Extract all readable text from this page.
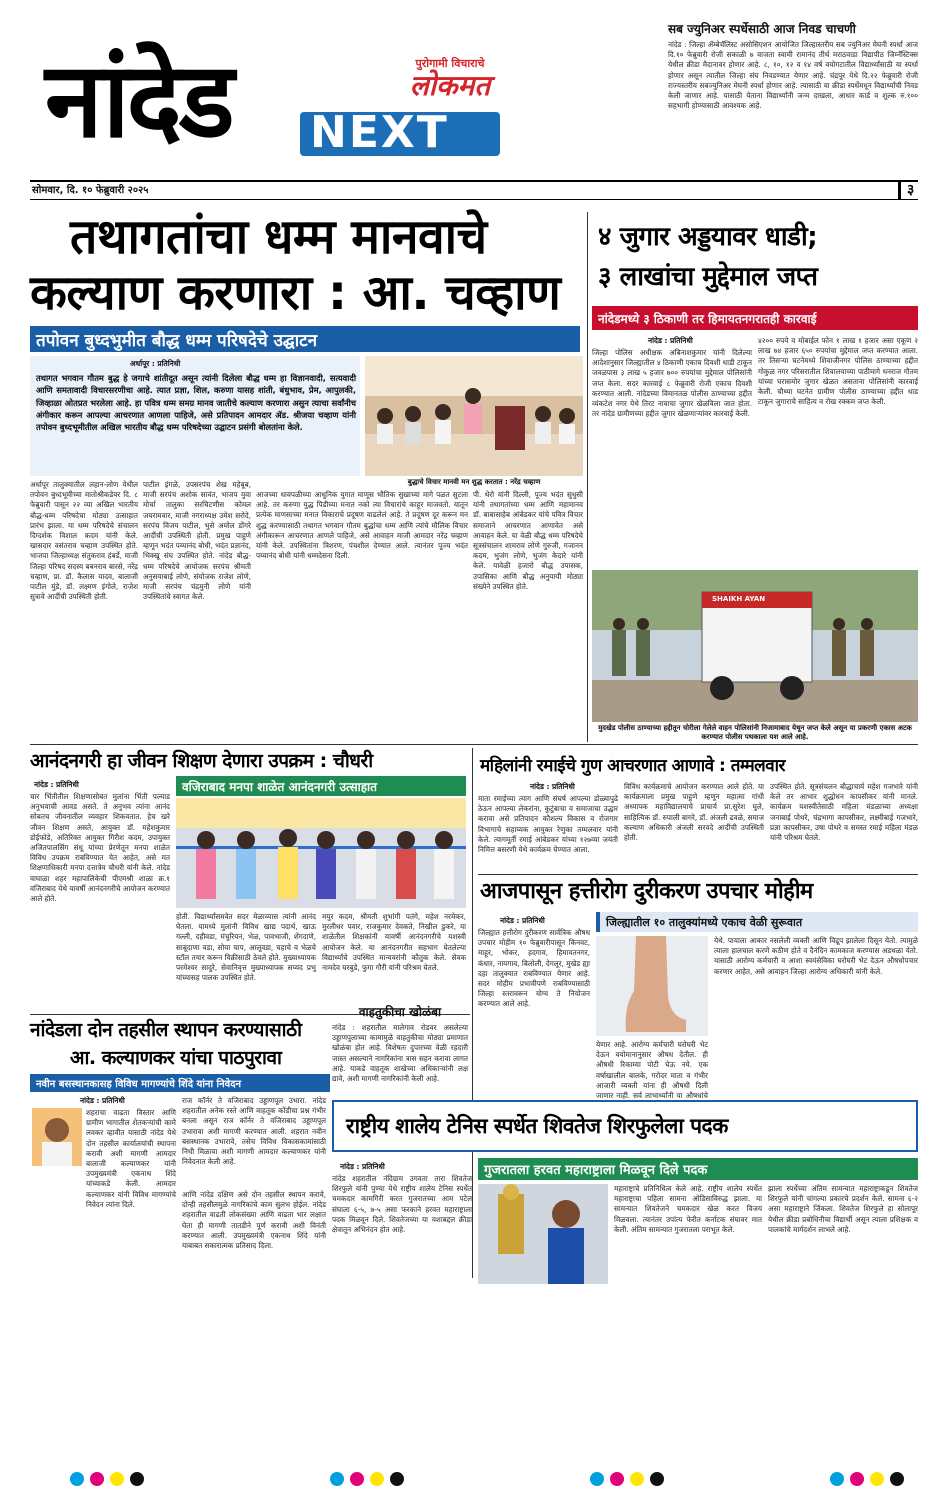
नांदेड	पुरोगामी विचाराचे
लोकमत
NEXT
सब ज्युनिअर स्पर्धेसाठी आज निवड चाचणी
नांदेड : जिल्हा ॲम्बेचॅलिस्ट असोसिएशन आयोजित जिल्हास्तरीय सब ज्युनिअर मेघनी स्पर्धा आज दि.१० फेब्रुवारी रोजी सकाळी ७ वाजता स्वामी रामानंद तीर्थ मराठवाडा विद्यापीठ जिम्नॅस्टिक्स येथील क्रीडा मैदानावर होणार आहे. ८, १०, १२ व १४ वर्ष वयोगटातील विद्यार्थ्यांसाठी या स्पर्धा होणार असून त्यातील जिल्हा संघ निवडण्यात येणार आहे. चंद्रपूर येथे दि.२२ फेब्रुवारी रोजी राज्यस्तरीय सबज्युनिअर मेघनी स्पर्धा होणार आहे. त्यासाठी या क्रीडा स्पर्धेमधून विद्यार्थ्यांची निवड केली जाणार आहे. यासाठी येताना विद्यार्थ्यांनी जन्म दाखला, आधार कार्ड व शुल्क रु.१०० सहभागी होण्यासाठी आवश्यक आहे.
सोमवार, दि. १० फेब्रुवारी २०२५	३
तथागतांचा धम्म मानवाचे
कल्याण करणारा : आ. चव्हाण
तपोवन बुध्दभुमीत बौद्ध धम्म परिषदेचे उद्घाटन
अर्धापूर : प्रतिनिधी
तथागत भगवान गौतम बुद्ध हे जगाचे शांतीदूत असून त्यांनी दिलेला बौद्ध धम्म हा विज्ञानवादी, सत्यवादी आणि समतावादी विचारसरणीचा आहे. त्यात प्रज्ञा, शिल, करुणा यासह शांती, बंधुभाव, प्रेम, आपुलकी, जिव्हाळा ओतप्रत भरलेला आहे. हा पवित्र धम्म समग्र मानव जातीचे कल्याण करणारा असुन त्याचा सर्वांनीच अंगीकार करून आपल्या आचरणात आणला पाहिजे, असे प्रतिपादन आमदार ॲड. श्रीजया चव्हाण यांनी तपोवन बुध्दभूमीतील अखिल भारतीय बौद्ध धम्म परिषदेच्या उद्घाटन प्रसंगी बोलतांना केले.
बुद्धाचे विचार मानवी मन शुद्ध करतात : नरेंद्र चव्हाण
अर्धापूर तालुक्यातील लहान-लोण येथील तपोवन बुध्दभूमीच्या मातोश्रीकडेवर दि. ८ फेब्रुवारी पासून २२ व्या अखिल भारतीय बौद्ध-धम्म परिषदेचा मोठ्या उत्साहात प्रारंभ झाला. या धम्म परिषदेचे संचालन दिग्दर्शक विशाल कदम यांनी केले. खासदार वसंतराव चव्हाण उपस्थित होते. भाजपा जिल्हाध्यक्ष संतुकराव हंबर्डे, माजी जिल्हा परिषद सदस्य बबनराव बारसे, नरेंद्र चव्हाण, प्रा. डॉ. कैलास यादव, बालाजी पाटील मुंडे, डॉ. लक्ष्मण इंगोले, राजेश सुत्रावे आदींची उपस्थिती होती.
पाटील इंगळे, उपसरपंच शेख महेबूब, माजी सरपंच अशोक सावंत, भाजप युवा मोर्चा तालुका सरचिटणीस कोमल जयरामवार, माजी नगराध्यक्ष उमेश सरोदे, सरपंच विजय पाटील, भुसे अमोल डोंगरे आदींची उपस्थिती होती. प्रमुख पाहुणे म्हणून भदंत पय्यानंद बोधी, भदंत प्रज्ञानंद, भिक्खू संघ उपस्थित होते. नांदेड बौद्ध-धम्म परिषदेचे आयोजक सरपंच श्रीमती अनुसयाबाई लोणे, संयोजक राजेश लोणे, माजी सरपंच चंद्रमुनी लोणे यांनी उपस्थितांचे स्वागत केले.
आजच्या धावपळीच्या आधुनिक युगात माणूस भौतिक सुखाच्या मागे पळत सुटला आहे. तर करुणा युद्ध पिडीच्या मनात नको त्या विचारांचे काहूर माजवतो. यातून प्रत्येक माणसाच्या मनात विकाराचे प्रदूषण वाढलेलं आहे. ते प्रदूषण दूर करून मन शुद्ध करण्यासाठी तथागत भगवान गौतम बुद्धांचा धम्म आणि त्यांचे मौलिक विचार अंगीकारून आचरणात आणले पाहिजे, असे आवाहन माजी आमदार नरेंद्र चव्हाण यांनी केले. उपस्थितांना त्रिशरण, पंचशील देण्यात आले. त्यानंतर पूज्य भदंत पय्यानंद बोधी यांनी धम्मदेसना दिली.
पी. थेरो यांनी दिल्ली, पूज्य भदंत सुधुसी यांनी तथागतांच्या धम्म आणि महामानव डॉ. बाबासाहेब आंबेडकर यांचे पवित्र विचार समाजाने आचरणात आणावेत असे आवाहन केले. या वेळी बौद्ध धम्म परिषदेचे सूत्रसंचालन शामराव लोणे गुरुजी, गजानन कदम, भुजंग लोणे, भुजंग केदारे यांनी केले. यावेळी हजारो बौद्ध उपासक, उपासिका आणि बौद्ध अनुयायी मोठ्या संख्येने उपस्थित होते.
४ जुगार अड्डयावर धाडी;
३ लाखांचा मुद्देमाल जप्त
नांदेडमध्ये ३ ठिकाणी तर हिमायतनगरातही कारवाई
नांदेड : प्रतिनिधी
जिल्हा पोलिस अधीक्षक अबिनाशकुमार यांनी दिलेल्या आदेशानुसार जिल्ह्यातील ४ ठिकाणी एकाच दिवशी धाडी टाकून जवळपास ३ लाख ५ हजार ७०० रुपयांचा मुद्देमाल पोलिसांनी जप्त केला. सदर कारवाई ८ फेब्रुवारी रोजी एकाच दिवशी करण्यात आली. नांदेडच्या विमानतळ पोलीस ठाण्याच्या हद्दीत व्यंकटेश नगर येथे तिरट नावाचा जुगार खेळविला जात होता. तर नांदेड ग्रामीणच्या हद्दीत जुगार खेळणाऱ्यांवर कारवाई केली.
४२०० रुपये व मोबाईल फोन १ लाख १ हजार असा एकूण २ लाख ७४ हजार ६५० रुपयांचा मुद्देमाल जप्त करण्यात आला. तर तिसऱ्या घटनेमध्ये शिवाजीनगर पोलिस ठाण्याच्या हद्दीत गोकुळ नगर परिसरातील शिवालयाच्या पाठीमागे धनराज गौतम यांच्या घरासमोर जुगार खेळत असताना पोलिसांनी कारवाई केली. चौथ्या घटनेत ग्रामीण पोलीस ठाण्याच्या हद्दीत धाड टाकून जुगाराचे साहित्य व रोख रक्कम जप्त केली.
SHAIKH AYAN
मुदखेड पोलीस ठाण्याच्या हद्दीतून चोरीला गेलेले वाहन पोलिसांनी निजामाबाद येथून जप्त केले असून या प्रकरणी एकास अटक करण्यात पोलीस पथकाला यश आले आहे.
आनंदनगरी हा जीवन शिक्षण देणारा उपक्रम : चौधरी
नांदेड : प्रतिनिधी
चार भिंतीतील शिक्षणासोबत मुलांना भिंती पल्याड अनुभवाची आवड असते. ते अनुभव त्यांना आनंद सोबतच जीवनातील व्यवहार शिकवतात. हेच खरे जीवन शिक्षण असते, आयुक्त डॉ. महेशकुमार डोईफोडे, अतिरिक्त आयुक्त गिरीश कदम, उपायुक्त अजितपालसिंग संधू यांच्या प्रेरणेतून मनपा शाळेत विविध उपक्रम राबविण्यात येत आहेत, असे मत शिक्षणाधिकारी मनपा दत्तात्रेय चौधरी यांनी केले. नांदेड वाघाळा शहर महापालिकेची पीएमश्री शाळा क्र.१ वजिराबाद येथे यावर्षी आनंदनगरीचे आयोजन करण्यात आले होते.
वजिराबाद मनपा शाळेत आनंदनगरी उत्साहात
होती. विद्यार्थ्यांसमवेत सदर मेळाव्यास त्यांनी आनंद घेतला. यामध्ये मुलांनी विविध खाद्य पदार्थ, खाऊ गल्ली, दहीवडा, मंचुरियन, भेळ, पावभाजी, शेंगदाणे, साबूदाणा वडा, सोया चाप, आलूवडा, चहाचे व भेळचे स्टॉल तयार करून विक्रीसाठी ठेवले होते. मुख्याध्यापक परमेश्वर सादुरे, सेवानिवृत्त मुख्याध्यापक सय्यद प्रभु यांच्यासह पालक उपस्थित होते.
मयुर कदम, श्रीमती शुभांगी पतंगे, महेश नरमेकर, मुरलीधर पवार, राजकुमार देवकते, निखील डुकरे, या शाळेतील शिक्षकांनी यावर्षी आनंदनगरीचे यशस्वी आयोजन केले. या आनंदनगरीत सहभाग घेतलेल्या विद्यार्थ्यांचे उपस्थित मान्यवरांनी कौतुक केले. सेवक नामदेव घरबुडे, फुगा गौरी यांनी परिश्रम घेतले.
महिलांनी रमाईचे गुण आचरणात आणावे : तम्मलवार
नांदेड : प्रतिनिधी
माता रमाईच्या त्याग आणि संघर्ष आपल्या डोळ्यापुढे ठेऊन आपल्या लेकरांना, कुटुंबाचा व समाजाचा उद्धार करावा असे प्रतिपादन कौशल्य विकास व रोजगार विभागाचे सहाय्यक आयुक्त रेणुका तम्मलवार यांनी केले. त्यागमूर्ती रमाई आंबेडकर यांच्या १२७व्या जयंती निमित्त बसरणी येथे कार्यक्रम घेण्यात आला.
विविध कार्यक्रमाचे आयोजन करण्यात आले होते. या कार्यक्रमाला प्रमुख पाहुणे म्हणून महात्मा गांधी अध्यापक महाविद्यालयाचे प्राचार्य प्रा.सुरेश घुले, साहित्यिक डॉ. रुपाली बागरे, डॉ. अंजली ढवळे, समाज कल्याण अधिकारी अंजली सरवदे आदींची उपस्थिती होती.
उपस्थित होते. सूत्रसंचलन बौद्धाचार्य महेश गजभारे यांनी केले तर आभार शुद्धोधन कापसीकर यांनी मानले. कार्यक्रम यशस्वीतेसाठी महिला मंडळाच्या अध्यक्षा जनाबाई पोथरे, चंद्रभागा कापसीकर, लक्ष्मीबाई गजभारे, प्रज्ञा कापसीकर, उषा पोथरे व समस्त रमाई महिला मंडळ यांनी परिश्रम घेतले.
आजपासून हत्तीरोग दुरीकरण उपचार मोहीम
नांदेड : प्रतिनिधी
जिल्ह्यात हत्तीरोग दुरीकरण सार्वत्रिक औषध उपचार मोहीम १० फेब्रुवारीपासून किनवट, माहूर, भोकर, हदगाव, हिमायतनगर, कंधार, नायगाव, बिलोली, देगलूर, मुखेड ह्या दहा तालुक्यात राबविण्यात येणार आहे. सदर मोहीम प्रभावीपणे राबविण्यासाठी जिल्हा स्तरावरून योग्य ते नियोजन करण्यात आले आहे.
जिल्ह्यातील १० तालुक्यांमध्ये एकाच वेळी सुरूवात
येणार आहे. आरोग्य कर्मचारी घरोघरी भेट देऊन वयोमानानुसार औषध देतील. ही औषधी रिकाम्या पोटी घेऊ नये. एक वर्षाखालील बालके, गरोदर माता व गंभीर आजारी व्यक्ती यांना ही औषधी दिली जाणार नाही. सर्व लाभार्थ्यांनी या औषधांचे
येथे. पायाला आकार नसलेली व्यक्ती आणि विद्रूप झालेला दिसून येतो. त्यामुळे त्याला हालचाल करणे कठीण होते व दैनंदिन कामकाज करण्यास अडथळा येतो. यासाठी आरोग्य कर्मचारी व आशा स्वयंसेविका घरोघरी भेट देऊन औषधोपचार करणार आहेत, असे आवाहन जिल्हा आरोग्य अधिकारी यांनी केले.
नांदेडला दोन तहसील स्थापन करण्यासाठी
आ. कल्याणकर यांचा पाठपुरावा
नवीन बसस्थानकासह विविध मागण्यांचे शिंदे यांना निवेदन
नांदेड : प्रतिनिधी
शहराचा वाढता विस्तार आणि ग्रामीण भागातील शेतकऱ्यांची कामे लवकर व्हावीत यासाठी नांदेड येथे दोन तहसील कार्यालयांची स्थापना करावी अशी मागणी आमदार बालाजी कल्याणकर यांनी उपमुख्यमंत्री एकनाथ शिंदे यांच्याकडे केली. आमदार कल्याणकर यांनी विविध मागण्यांचे निवेदन त्यांना दिले.
राज कॉर्नर ते वजिराबाद उड्डाणपूल उभारा. नांदेड शहरातील अनेक रस्ते आणि वाहतूक कोंडीचा प्रश्न गंभीर बनला असून राज कॉर्नर ते वजिराबाद उड्डाणपूल उभारावा अशी मागणी करण्यात आली. शहरात नवीन बसस्थानक उभारावे, तसेच विविध विकासकामांसाठी निधी मिळावा अशी मागणी आमदार कल्याणकर यांनी निवेदनात केली आहे.
आणि नांदेड दक्षिण असे दोन तहसील स्थापन करावे, दोन्ही तहसीलमुळे नागरिकांचे काम सुलभ होईल. नांदेड शहरातील वाढती लोकसंख्या आणि वाढता भार लक्षात घेता ही मागणी तातडीने पूर्ण करावी अशी विनंती करण्यात आली. उपमुख्यमंत्री एकनाथ शिंदे यांनी याबाबत सकारात्मक प्रतिसाद दिला.
वाहतुकीचा खोळंबा
नांदेड : शहरातील मालेगाव रोडवर असलेल्या उड्डाणपुलाच्या कामामुळे वाहतुकीचा मोठ्या प्रमाणात खोळंबा होत आहे. विशेषतः दुपारच्या वेळी रहदारी जास्त असल्याने नागरिकांना त्रास सहन करावा लागत आहे. याकडे वाहतूक शाखेच्या अधिकाऱ्यांनी लक्ष द्यावे, अशी मागणी नागरिकांनी केली आहे.
राष्ट्रीय शालेय टेनिस स्पर्धेत शिवतेज शिरफुलेला पदक
गुजरातला हरवत महाराष्ट्राला मिळवून दिले पदक
नांदेड : प्रतिनिधी
नांदेड शहरातील नंदिग्राम उगवता तारा शिवतेज शिरफुले यांनी पुण्या येथे राष्ट्रीय शालेय टेनिस स्पर्धेत चमकदार कामगिरी करत गुजरातच्या आम पटेल संघाला ६-५, ७-५ असा फरकाने हरवत महाराष्ट्राला पदक मिळवून दिले. शिवतेजच्या या यशाबद्दल क्रीडा क्षेत्रातून अभिनंदन होत आहे.
महाराष्ट्राचे प्रतिनिधित्व केले आहे. राष्ट्रीय शालेय स्पर्धेत महाराष्ट्राचा पहिला सामना ओडिसाविरुद्ध झाला. या सामन्यात शिवतेजने चमकदार खेळ करत विजय मिळवला. त्यानंतर उपांत्य फेरीत कर्नाटक संघावर मात केली. अंतिम सामन्यात गुजरातला पराभूत केले.
झाला स्पर्धेच्या अंतिम सामन्यात महाराष्ट्राकडून शिवतेज शिरफुले यांनी चांगल्या प्रकारचे प्रदर्शन केले. सामना ६-२ असा महाराष्ट्राने जिंकला. शिवतेज शिरफुले हा सोलापूर येथील क्रीडा प्रबोधिनीचा विद्यार्थी असून त्याला प्रशिक्षक व पालकांचे मार्गदर्शन लाभले आहे.
